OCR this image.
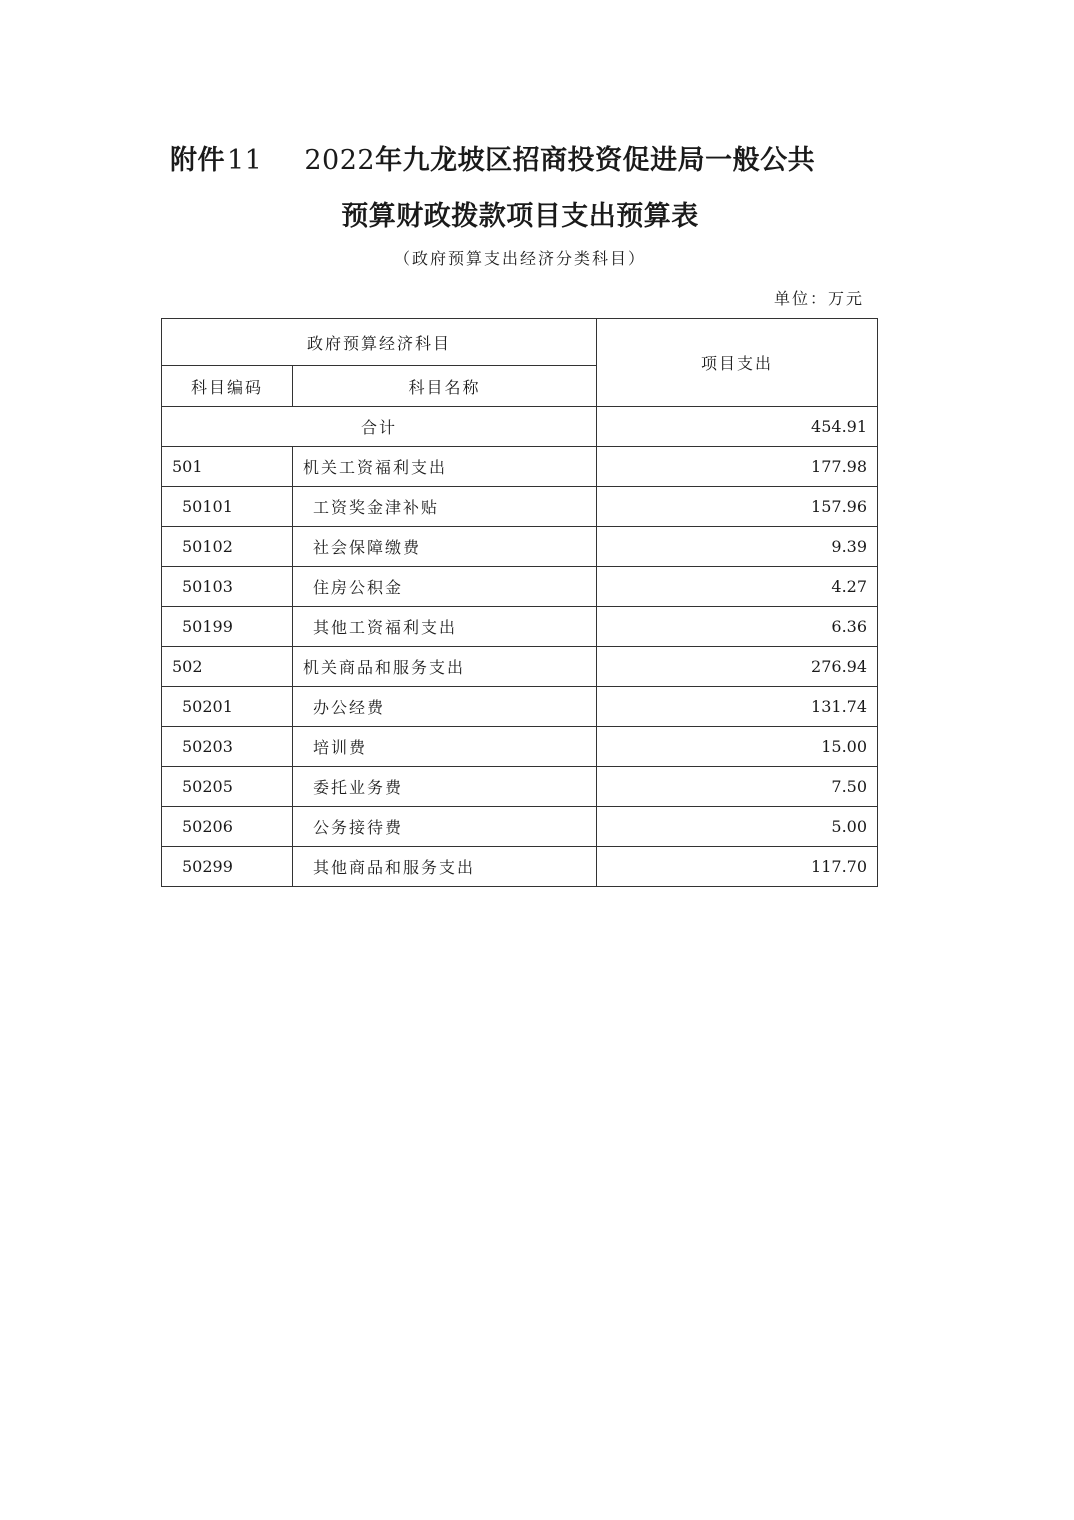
附件11 2022年九龙坡区招商投资促进局一般公共
预算财政拨款项目支出预算表
（政府预算支出经济分类科目）
单位：万元
政府预算经济科目		项目支出
科目编码	科目名称	
合计		454.91
501	机关工资福利支出	177.98
50101	工资奖金津补贴	157.96
50102	社会保障缴费	9.39
50103	住房公积金	4.27
50199	其他工资福利支出	6.36
502	机关商品和服务支出	276.94
50201	办公经费	131.74
50203	培训费	15.00
50205	委托业务费	7.50
50206	公务接待费	5.00
50299	其他商品和服务支出	117.70
